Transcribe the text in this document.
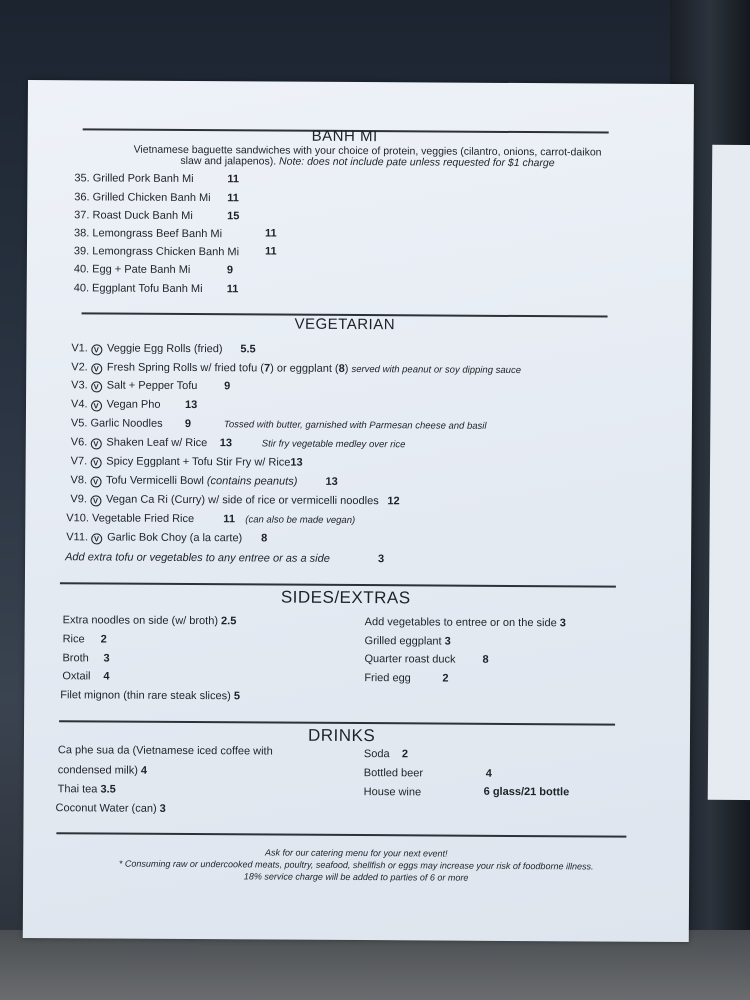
BANH MI
Vietnamese baguette sandwiches with your choice of protein, veggies (cilantro, onions, carrot-daikon
slaw and jalapenos). Note: does not include pate unless requested for $1 charge
35. Grilled Pork Banh Mi	11
36. Grilled Chicken Banh Mi 11
37. Roast Duck Banh Mi	15
38. Lemongrass Beef Banh Mi	11
39. Lemongrass Chicken Banh Mi 11
40. Egg + Pate Banh Mi	9
40. Eggplant Tofu Banh Mi 11
VEGETARIAN
V1. V Veggie Egg Rolls (fried) 5.5
V2. V Fresh Spring Rolls w/ fried tofu (7) or eggplant (8) served with peanut or soy dipping sauce
V3. V Salt + Pepper Tofu 9
V4. V Vegan Pho 13
V5. Garlic Noodles 9	Tossed with butter, garnished with Parmesan cheese and basil
V6. V Shaken Leaf w/ Rice 13	Stir fry vegetable medley over rice
V7. V Spicy Eggplant + Tofu Stir Fry w/ Rice13
V8. V Tofu Vermicelli Bowl (contains peanuts)	13
V9. V Vegan Ca Ri (Curry) w/ side of rice or vermicelli noodles 12
V10. Vegetable Fried Rice	11 (can also be made vegan)
V11. V Garlic Bok Choy (a la carte) 8
Add extra tofu or vegetables to any entree or as a side	3
SIDES/EXTRAS
Extra noodles on side (w/ broth) 2.5
Rice 2
Broth 3
Oxtail 4
Filet mignon (thin rare steak slices) 5
Add vegetables to entree or on the side 3
Grilled eggplant 3
Quarter roast duck 8
Fried egg	2
DRINKS
Ca phe sua da (Vietnamese iced coffee with
condensed milk) 4
Thai tea 3.5
Coconut Water (can) 3
Soda 2
Bottled beer	4
House wine	6 glass/21 bottle
Ask for our catering menu for your next event!
* Consuming raw or undercooked meats, poultry, seafood, shellfish or eggs may increase your risk of foodborne illness.
18% service charge will be added to parties of 6 or more
